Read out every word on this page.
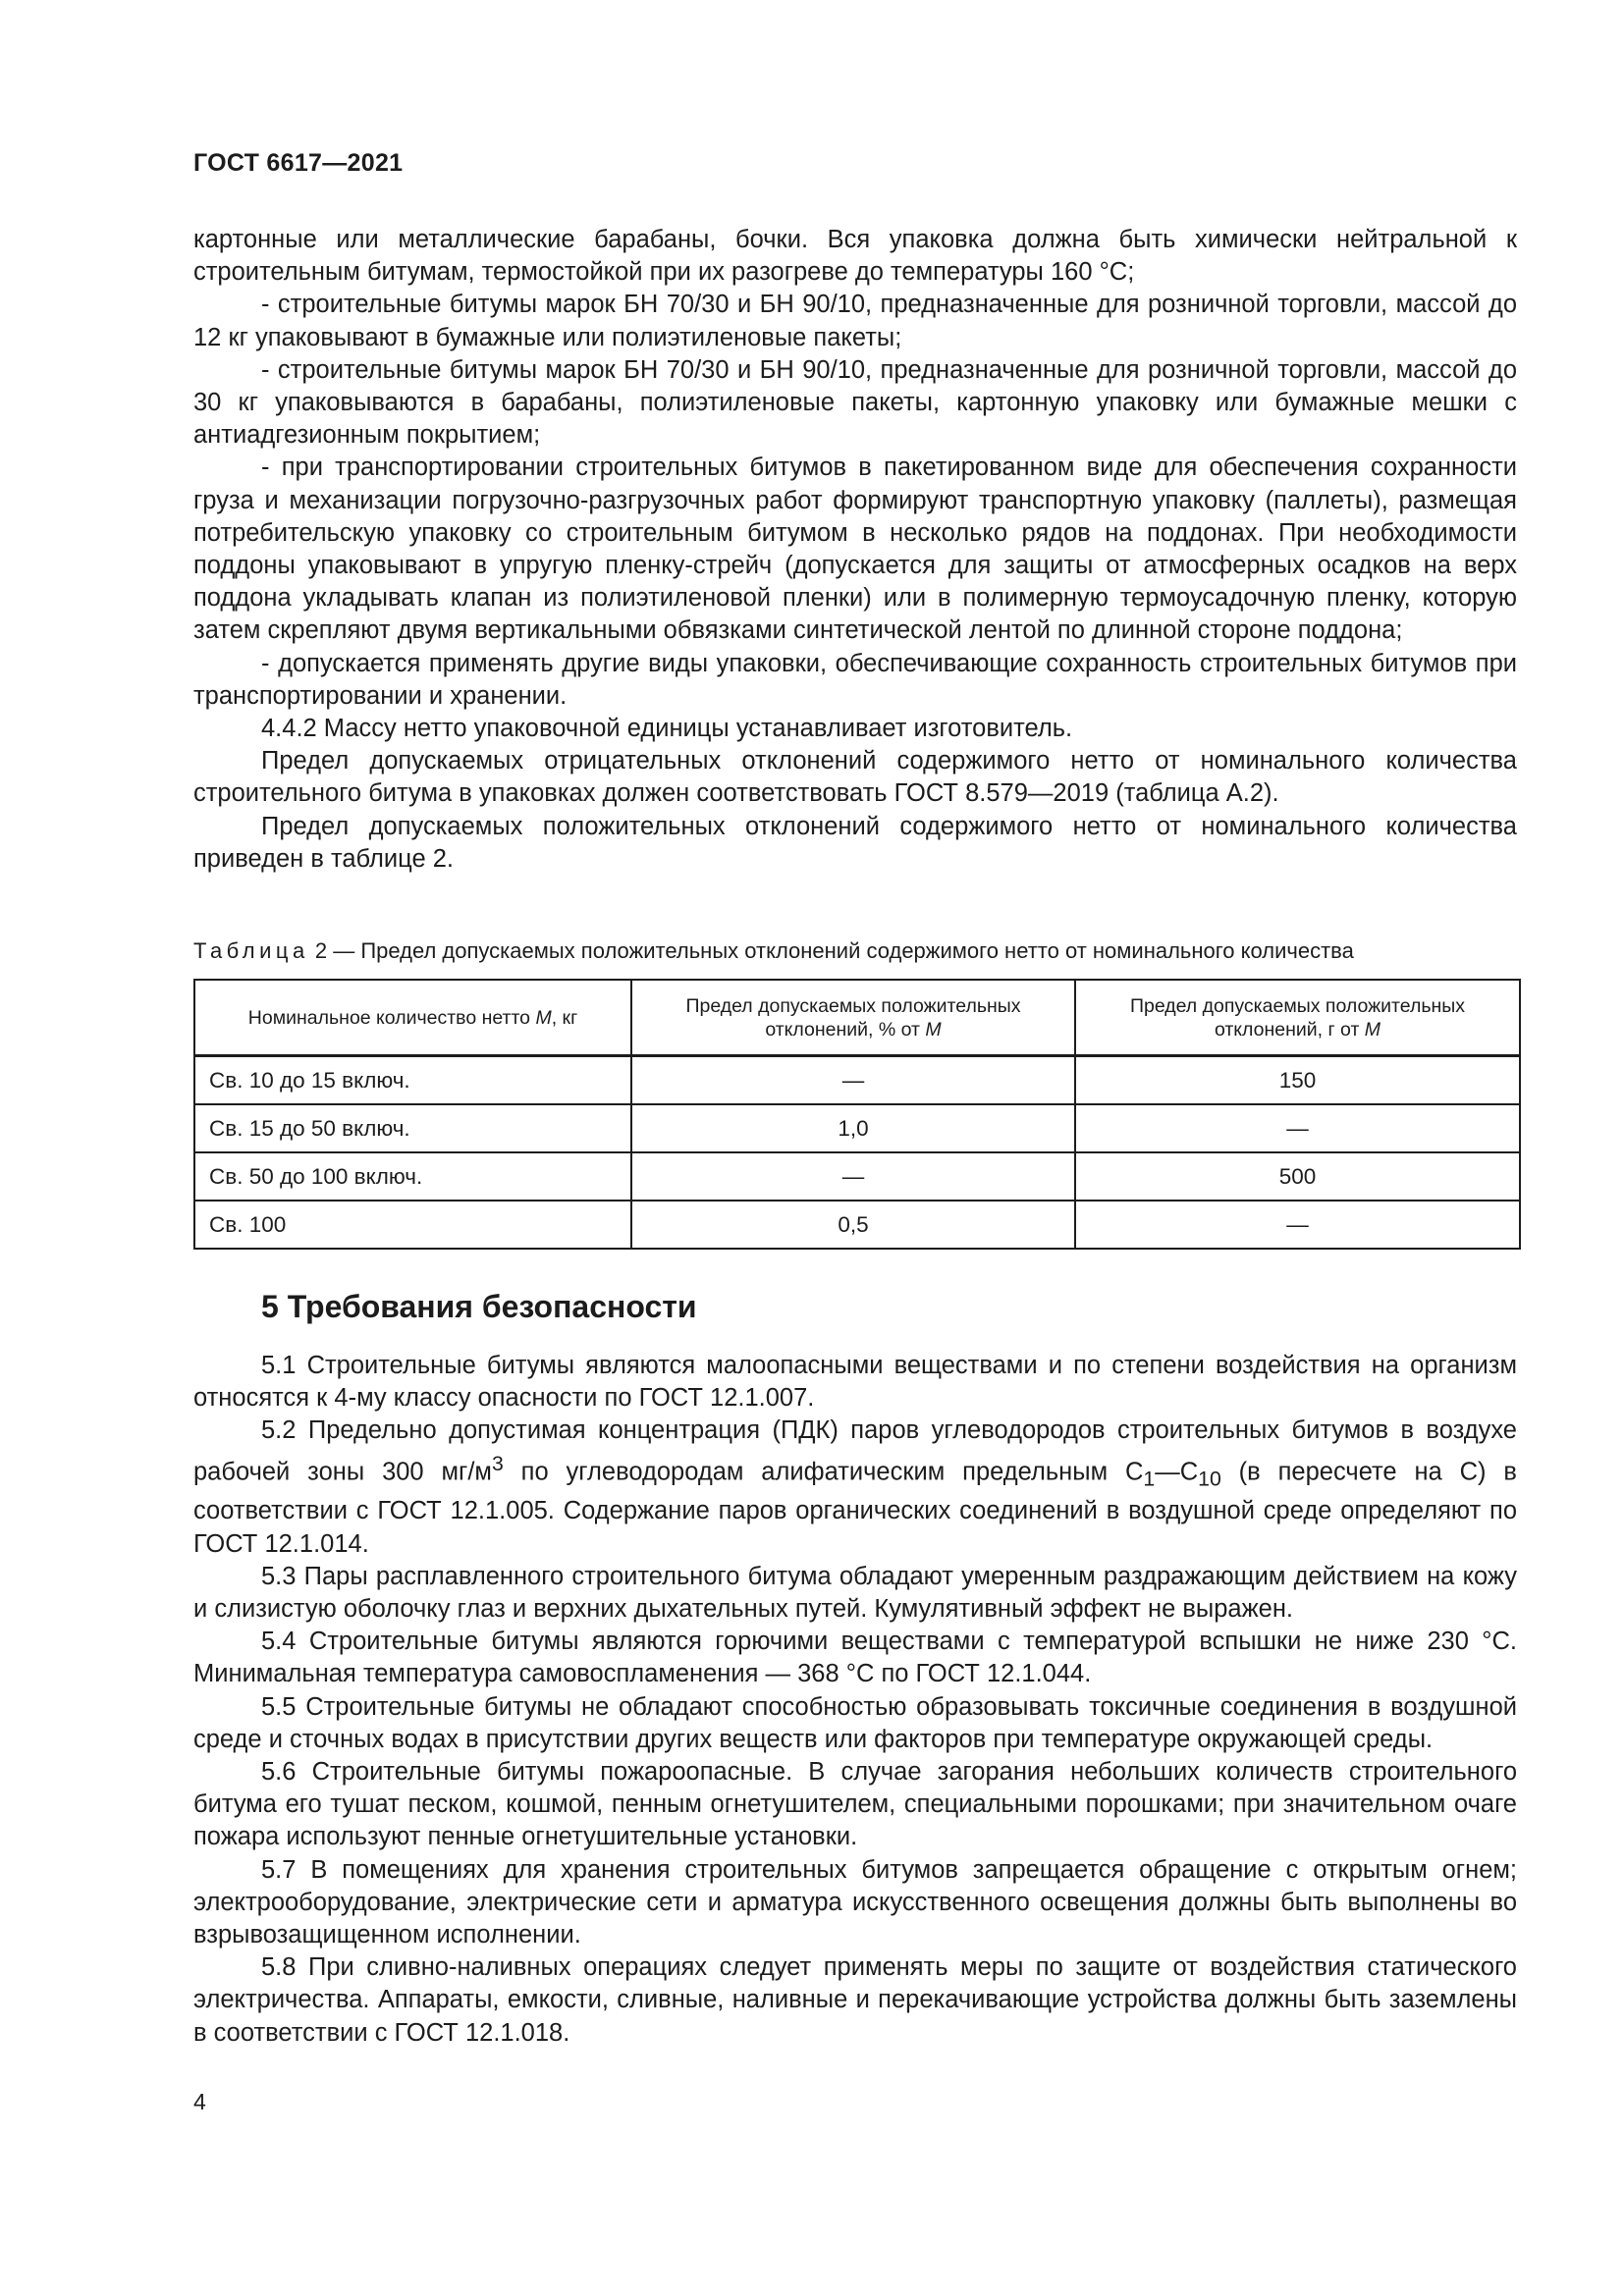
ГОСТ 6617—2021

картонные или металлические барабаны, бочки. Вся упаковка должна быть химически нейтральной к строительным битумам, термостойкой при их разогреве до температуры 160 °С;

- строительные битумы марок БН 70/30 и БН 90/10, предназначенные для розничной торговли, массой до 12 кг упаковывают в бумажные или полиэтиленовые пакеты;

- строительные битумы марок БН 70/30 и БН 90/10, предназначенные для розничной торговли, массой до 30 кг упаковываются в барабаны, полиэтиленовые пакеты, картонную упаковку или бумажные мешки с антиадгезионным покрытием;

- при транспортировании строительных битумов в пакетированном виде для обеспечения сохранности груза и механизации погрузочно-разгрузочных работ формируют транспортную упаковку (паллеты), размещая потребительскую упаковку со строительным битумом в несколько рядов на поддонах. При необходимости поддоны упаковывают в упругую пленку-стрейч (допускается для защиты от атмосферных осадков на верх поддона укладывать клапан из полиэтиленовой пленки) или в полимерную термоусадочную пленку, которую затем скрепляют двумя вертикальными обвязками синтетической лентой по длинной стороне поддона;

- допускается применять другие виды упаковки, обеспечивающие сохранность строительных битумов при транспортировании и хранении.

4.4.2 Массу нетто упаковочной единицы устанавливает изготовитель.

Предел допускаемых отрицательных отклонений содержимого нетто от номинального количества строительного битума в упаковках должен соответствовать ГОСТ 8.579—2019 (таблица А.2).

Предел допускаемых положительных отклонений содержимого нетто от номинального количества приведен в таблице 2.

Таблица 2 — Предел допускаемых положительных отклонений содержимого нетто от номинального количества
Номинальное количество нетто M, кг	Предел допускаемых положительных отклонений, % от M	Предел допускаемых положительных отклонений, г от M
Св. 10 до 15 включ.	—	150
Св. 15 до 50 включ.	1,0	—
Св. 50 до 100 включ.	—	500
Св. 100	0,5	—
5 Требования безопасности

5.1 Строительные битумы являются малоопасными веществами и по степени воздействия на организм относятся к 4-му классу опасности по ГОСТ 12.1.007.

5.2 Предельно допустимая концентрация (ПДК) паров углеводородов строительных битумов в воздухе рабочей зоны 300 $мг/м^3$ по углеводородам алифатическим предельным $С_1—С_{10}$ (в пересчете на С) в соответствии с ГОСТ 12.1.005. Содержание паров органических соединений в воздушной среде определяют по ГОСТ 12.1.014.

5.3 Пары расплавленного строительного битума обладают умеренным раздражающим действием на кожу и слизистую оболочку глаз и верхних дыхательных путей. Кумулятивный эффект не выражен.

5.4 Строительные битумы являются горючими веществами с температурой вспышки не ниже 230 °С. Минимальная температура самовоспламенения — 368 °С по ГОСТ 12.1.044.

5.5 Строительные битумы не обладают способностью образовывать токсичные соединения в воздушной среде и сточных водах в присутствии других веществ или факторов при температуре окружающей среды.

5.6 Строительные битумы пожароопасные. В случае загорания небольших количеств строительного битума его тушат песком, кошмой, пенным огнетушителем, специальными порошками; при значительном очаге пожара используют пенные огнетушительные установки.

5.7 В помещениях для хранения строительных битумов запрещается обращение с открытым огнем; электрооборудование, электрические сети и арматура искусственного освещения должны быть выполнены во взрывозащищенном исполнении.

5.8 При сливно-наливных операциях следует применять меры по защите от воздействия статического электричества. Аппараты, емкости, сливные, наливные и перекачивающие устройства должны быть заземлены в соответствии с ГОСТ 12.1.018.

4
